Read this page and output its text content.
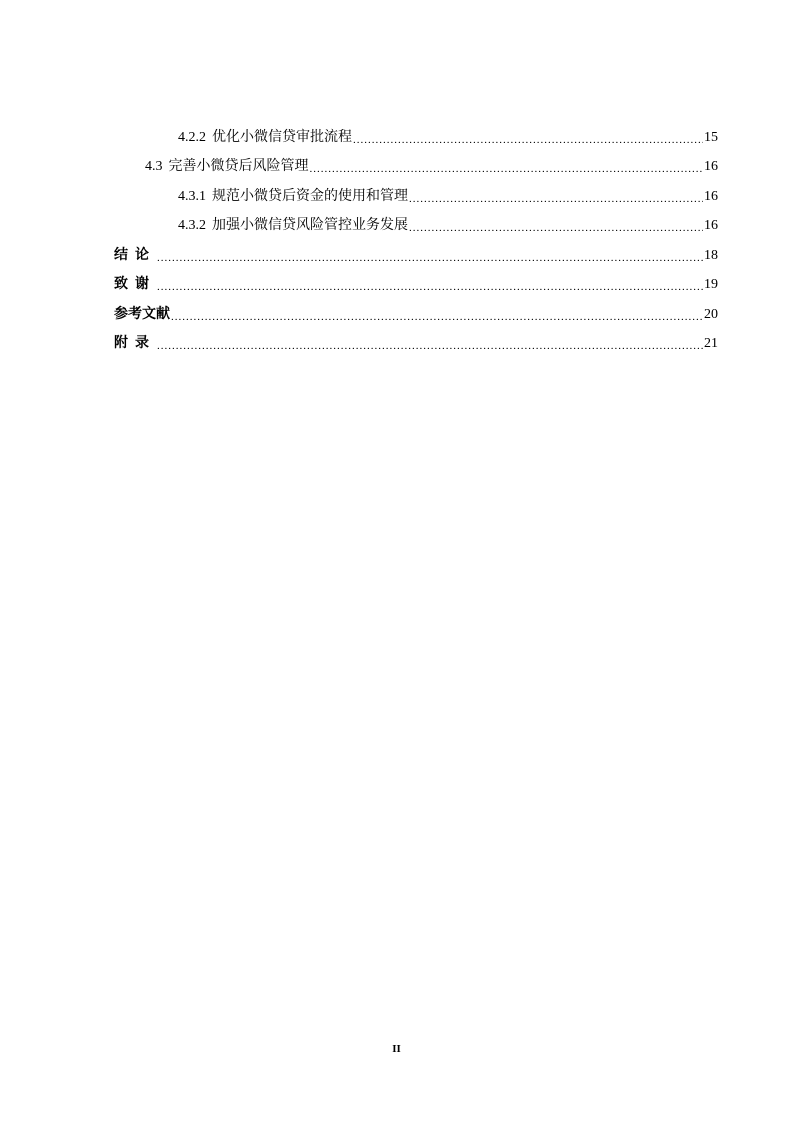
4.2.2 优化小微信贷审批流程 .....	15
4.3 完善小微贷后风险管理 .....	16
4.3.1 规范小微贷后资金的使用和管理 .....	16
4.3.2 加强小微信贷风险管控业务发展 .....	16
结论 .....	18
致谢 .....	19
参考文献 .....	20
附录 .....	21
II
